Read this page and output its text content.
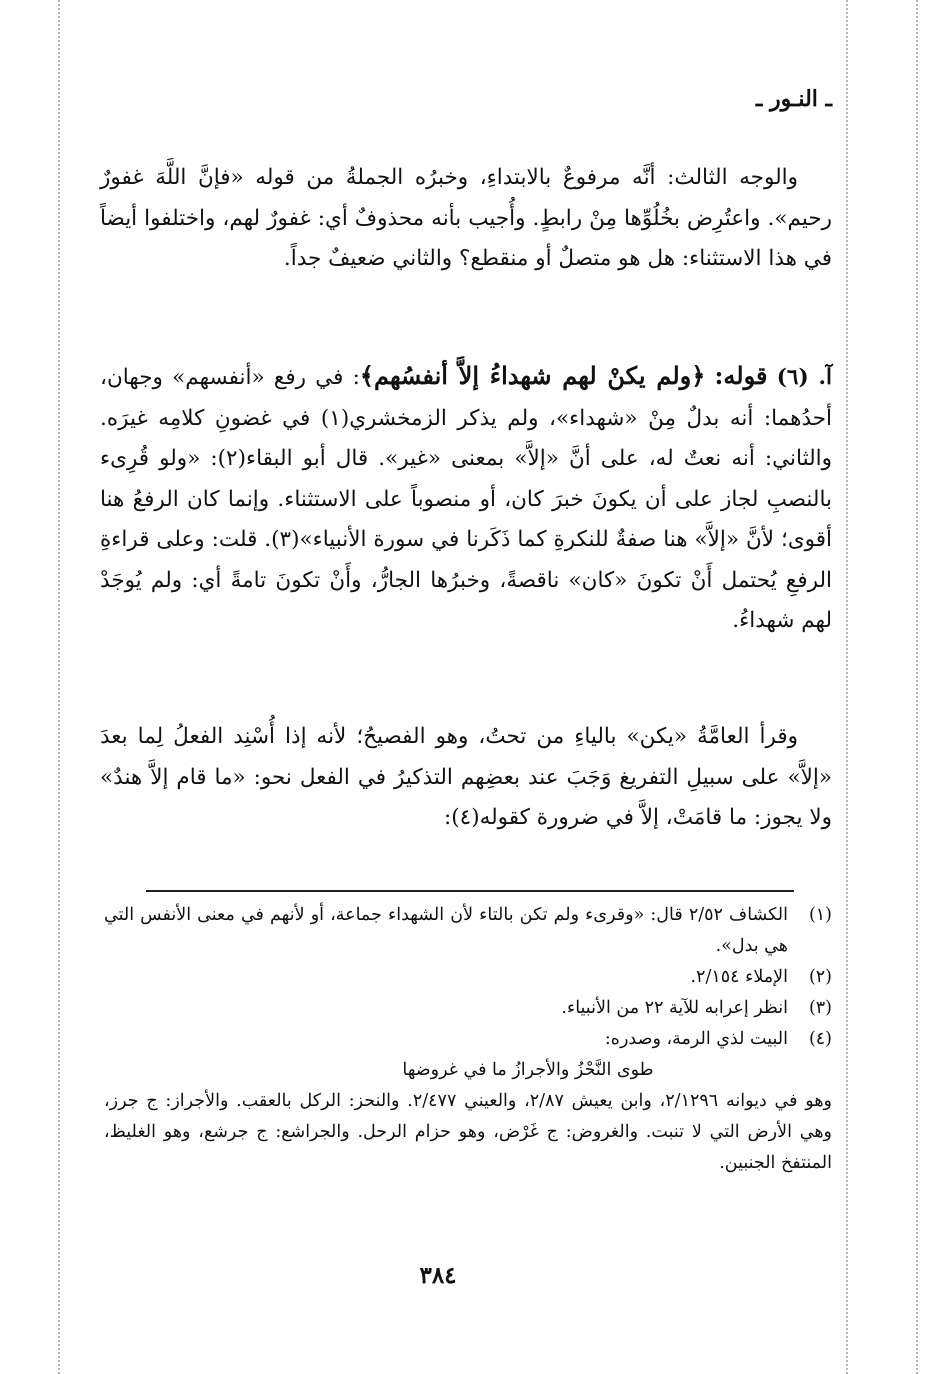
ـ النـور ـ

والوجه الثالث: أنَّه مرفوعٌ بالابتداءِ، وخبرُه الجملةُ من قوله «فإنَّ اللَّهَ غفورٌ رحيم». واعتُرِض بخُلُوِّها مِنْ رابطٍ. وأُجيب بأنه محذوفٌ أي: غفورٌ لهم، واختلفوا أيضاً في هذا الاستثناء: هل هو متصلٌ أو منقطع؟ والثاني ضعيفٌ جداً.

آ. (٦) قوله: ﴿ولم يكنْ لهم شهداءُ إلاَّ أنفسُهم﴾: في رفع «أنفسهم» وجهان، أحدُهما: أنه بدلٌ مِنْ «شهداء»، ولم يذكر الزمخشري(١) في غضونِ كلامِه غيرَه. والثاني: أنه نعتٌ له، على أنَّ «إلاَّ» بمعنى «غير». قال أبو البقاء(٢): «ولو قُرِىء بالنصبِ لجاز على أن يكونَ خبرَ كان، أو منصوباً على الاستثناء. وإنما كان الرفعُ هنا أقوى؛ لأنَّ «إلاَّ» هنا صفةٌ للنكرةِ كما ذَكَرنا في سورة الأنبياء»(٣). قلت: وعلى قراءةِ الرفعِ يُحتمل أَنْ تكونَ «كان» ناقصةً، وخبرُها الجارُّ، وأَنْ تكونَ تامةً أي: ولم يُوجَدْ لهم شهداءُ.

وقرأ العامَّةُ «يكن» بالياءِ من تحتُ، وهو الفصيحُ؛ لأنه إذا أُسْنِد الفعلُ لِما بعدَ «إلاَّ» على سبيلِ التفريغ وَجَبَ عند بعضِهم التذكيرُ في الفعل نحو: «ما قام إلاَّ هندٌ» ولا يجوز: ما قامَتْ، إلاَّ في ضرورة كقوله(٤):

(١)
الكشاف ٢/٥٢ قال: «وقرىء ولم تكن بالتاء لأن الشهداء جماعة، أو لأنهم في معنى الأنفس التي هي بدل».
(٢)
الإملاء ٢/١٥٤.
(٣)
انظر إعرابه للآية ٢٢ من الأنبياء.
(٤)
البيت لذي الرمة، وصدره:
طوى النَّحْزُ والأجرازُ ما في غروضها
وهو في ديوانه ٢/١٢٩٦، وابن يعيش ٢/٨٧، والعيني ٢/٤٧٧. والنحز: الركل بالعقب. والأجراز: ج جرز، وهي الأرض التي لا تنبت. والغروض: ج غَرْض، وهو حزام الرحل. والجراشع: ج جرشع، وهو الغليظ، المنتفخ الجنبين.
٣٨٤
